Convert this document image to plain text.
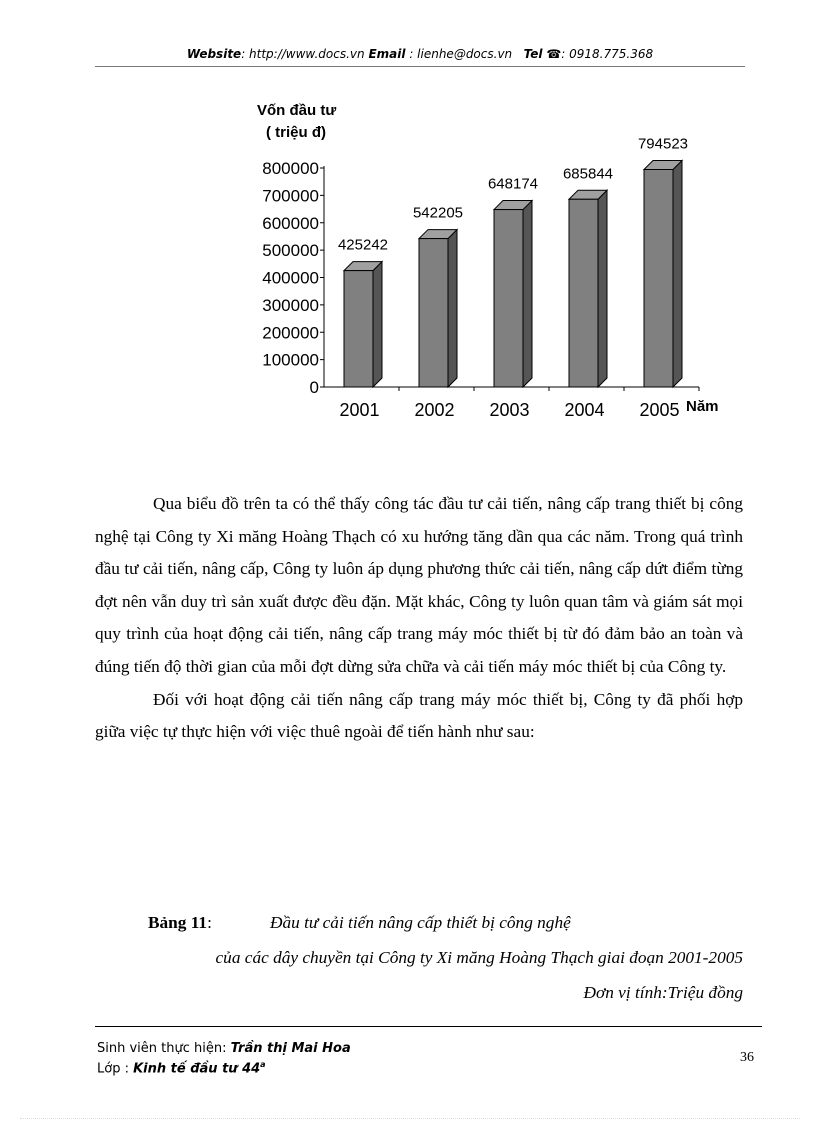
Website: http://www.docs.vn Email : lienhe@docs.vn Tel ☎: 0918.775.368
Vốn đầu tư
( triệu đ)
0
100000
200000
300000
400000
500000
600000
700000
800000
425242
542205
648174
685844
794523
2001 2002 2003 2004 2005 Năm

Qua biểu đồ trên ta có thể thấy công tác đầu tư cải tiến, nâng cấp trang thiết bị công nghệ tại Công ty Xi măng Hoàng Thạch có xu hướng tăng dần qua các năm. Trong quá trình đầu tư cải tiến, nâng cấp, Công ty luôn áp dụng phương thức cải tiến, nâng cấp dứt điểm từng đợt nên vẫn duy trì sản xuất được đều đặn. Mặt khác, Công ty luôn quan tâm và giám sát mọi quy trình của hoạt động cải tiến, nâng cấp trang máy móc thiết bị từ đó đảm bảo an toàn và đúng tiến độ thời gian của mỗi đợt dừng sửa chữa và cải tiến máy móc thiết bị của Công ty.

Đối với hoạt động cải tiến nâng cấp trang máy móc thiết bị, Công ty đã phối hợp giữa việc tự thực hiện với việc thuê ngoài để tiến hành như sau:

Bảng 11:	Đầu tư cải tiến nâng cấp thiết bị công nghệ
của các dây chuyền tại Công ty Xi măng Hoàng Thạch giai đoạn 2001-2005
Đơn vị tính:Triệu đồng
Sinh viên thực hiện: Trần thị Mai Hoa
Lớp : Kinh tế đầu tư 44$^a$	36
